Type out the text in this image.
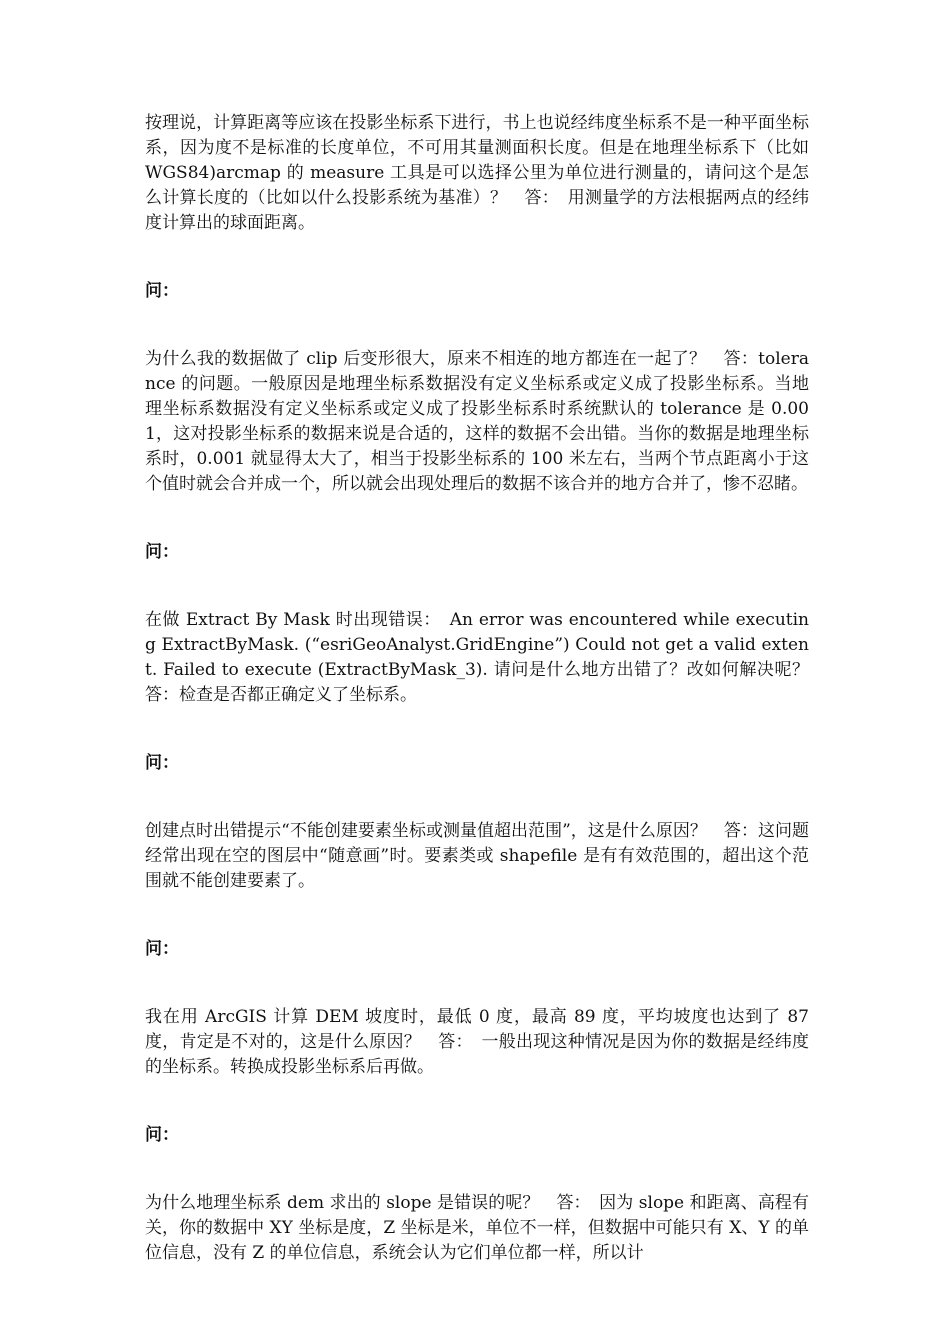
按理说，计算距离等应该在投影坐标系下进行，书上也说经纬度坐标系不是一种平面坐标系，因为度不是标准的长度单位，不可用其量测面积长度。但是在地理坐标系下（比如 WGS84)arcmap 的 measure 工具是可以选择公里为单位进行测量的，请问这个是怎么计算长度的（比如以什么投影系统为基准）？　答：　用测量学的方法根据两点的经纬度计算出的球面距离。

问：

为什么我的数据做了 clip 后变形很大，原来不相连的地方都连在一起了？　答：tolerance 的问题。一般原因是地理坐标系数据没有定义坐标系或定义成了投影坐标系。当地理坐标系数据没有定义坐标系或定义成了投影坐标系时系统默认的 tolerance 是 0.001，这对投影坐标系的数据来说是合适的，这样的数据不会出错。当你的数据是地理坐标系时，0.001 就显得太大了，相当于投影坐标系的 100 米左右，当两个节点距离小于这个值时就会合并成一个，所以就会出现处理后的数据不该合并的地方合并了，惨不忍睹。

问：

在做 Extract By Mask 时出现错误：　An error was encountered while executing ExtractByMask. (“esriGeoAnalyst.GridEngine”) Could not get a valid extent. Failed to execute (ExtractByMask_3). 请问是什么地方出错了？改如何解决呢？　答：检查是否都正确定义了坐标系。

问：

创建点时出错提示“不能创建要素坐标或测量值超出范围”，这是什么原因？　答：这问题经常出现在空的图层中“随意画”时。要素类或 shapefile 是有有效范围的，超出这个范围就不能创建要素了。

问：

我在用 ArcGIS 计算 DEM 坡度时，最低 0 度，最高 89 度，平均坡度也达到了 87 度，肯定是不对的，这是什么原因？　答：　一般出现这种情况是因为你的数据是经纬度的坐标系。转换成投影坐标系后再做。

问：

为什么地理坐标系 dem 求出的 slope 是错误的呢？　答：　因为 slope 和距离、高程有关，你的数据中 XY 坐标是度，Z 坐标是米，单位不一样，但数据中可能只有 X、Y 的单位信息，没有 Z 的单位信息，系统会认为它们单位都一样，所以计
